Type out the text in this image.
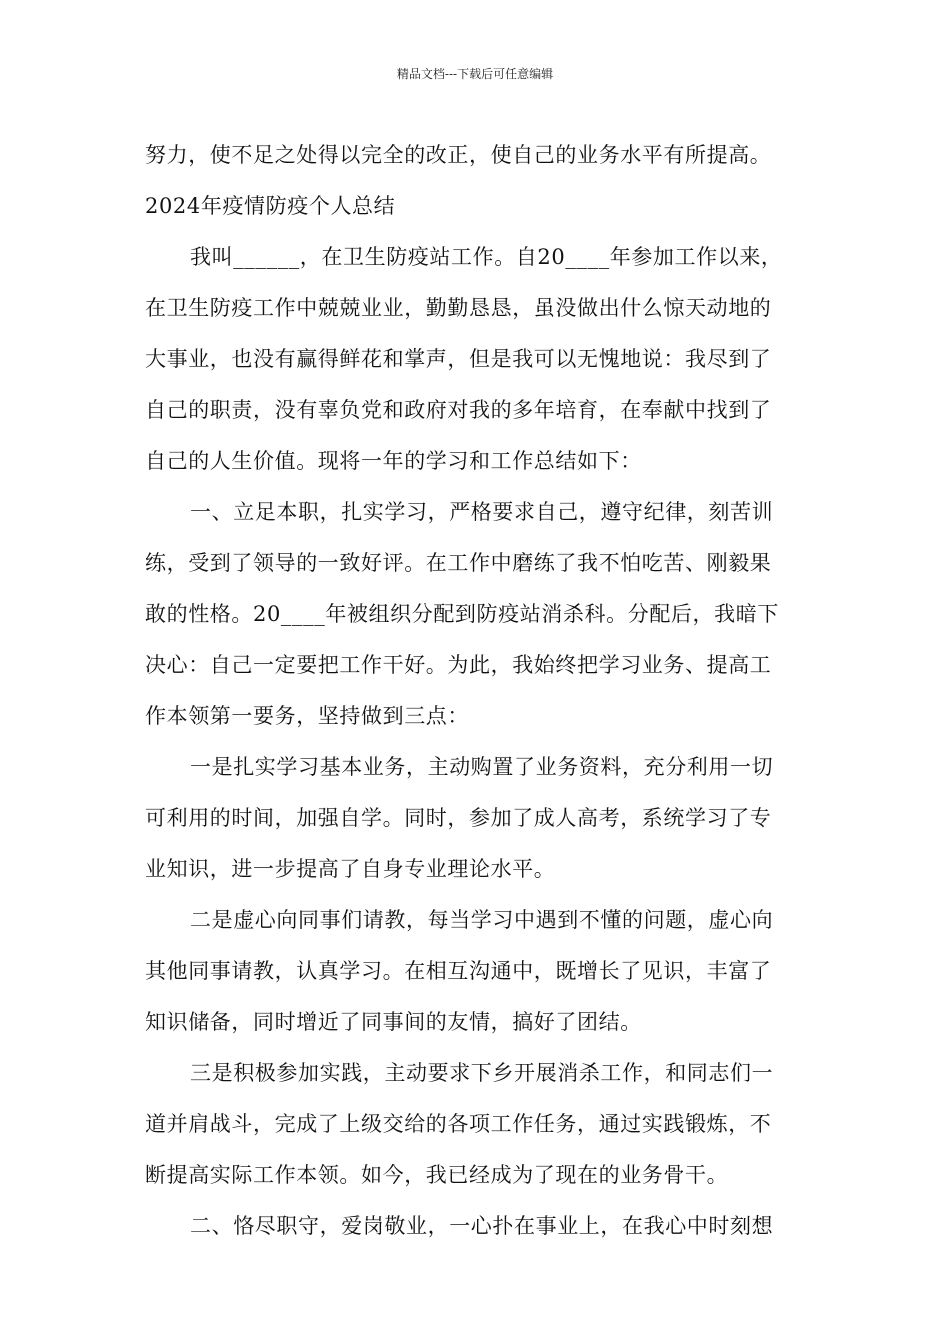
精品文档---下载后可任意编辑
努力，使不足之处得以完全的改正，使自己的业务水平有所提高。
2024年疫情防疫个人总结
我叫______，在卫生防疫站工作。自20____年参加工作以来，
在卫生防疫工作中兢兢业业，勤勤恳恳，虽没做出什么惊天动地的
大事业，也没有赢得鲜花和掌声，但是我可以无愧地说：我尽到了
自己的职责，没有辜负党和政府对我的多年培育，在奉献中找到了
自己的人生价值。现将一年的学习和工作总结如下：
一、立足本职，扎实学习，严格要求自己，遵守纪律，刻苦训
练，受到了领导的一致好评。在工作中磨练了我不怕吃苦、刚毅果
敢的性格。20____年被组织分配到防疫站消杀科。分配后，我暗下
决心：自己一定要把工作干好。为此，我始终把学习业务、提高工
作本领第一要务，坚持做到三点：
一是扎实学习基本业务，主动购置了业务资料，充分利用一切
可利用的时间，加强自学。同时，参加了成人高考，系统学习了专
业知识，进一步提高了自身专业理论水平。
二是虚心向同事们请教，每当学习中遇到不懂的问题，虚心向
其他同事请教，认真学习。在相互沟通中，既增长了见识，丰富了
知识储备，同时增近了同事间的友情，搞好了团结。
三是积极参加实践，主动要求下乡开展消杀工作，和同志们一
道并肩战斗，完成了上级交给的各项工作任务，通过实践锻炼，不
断提高实际工作本领。如今，我已经成为了现在的业务骨干。
二、恪尽职守，爱岗敬业，一心扑在事业上，在我心中时刻想
